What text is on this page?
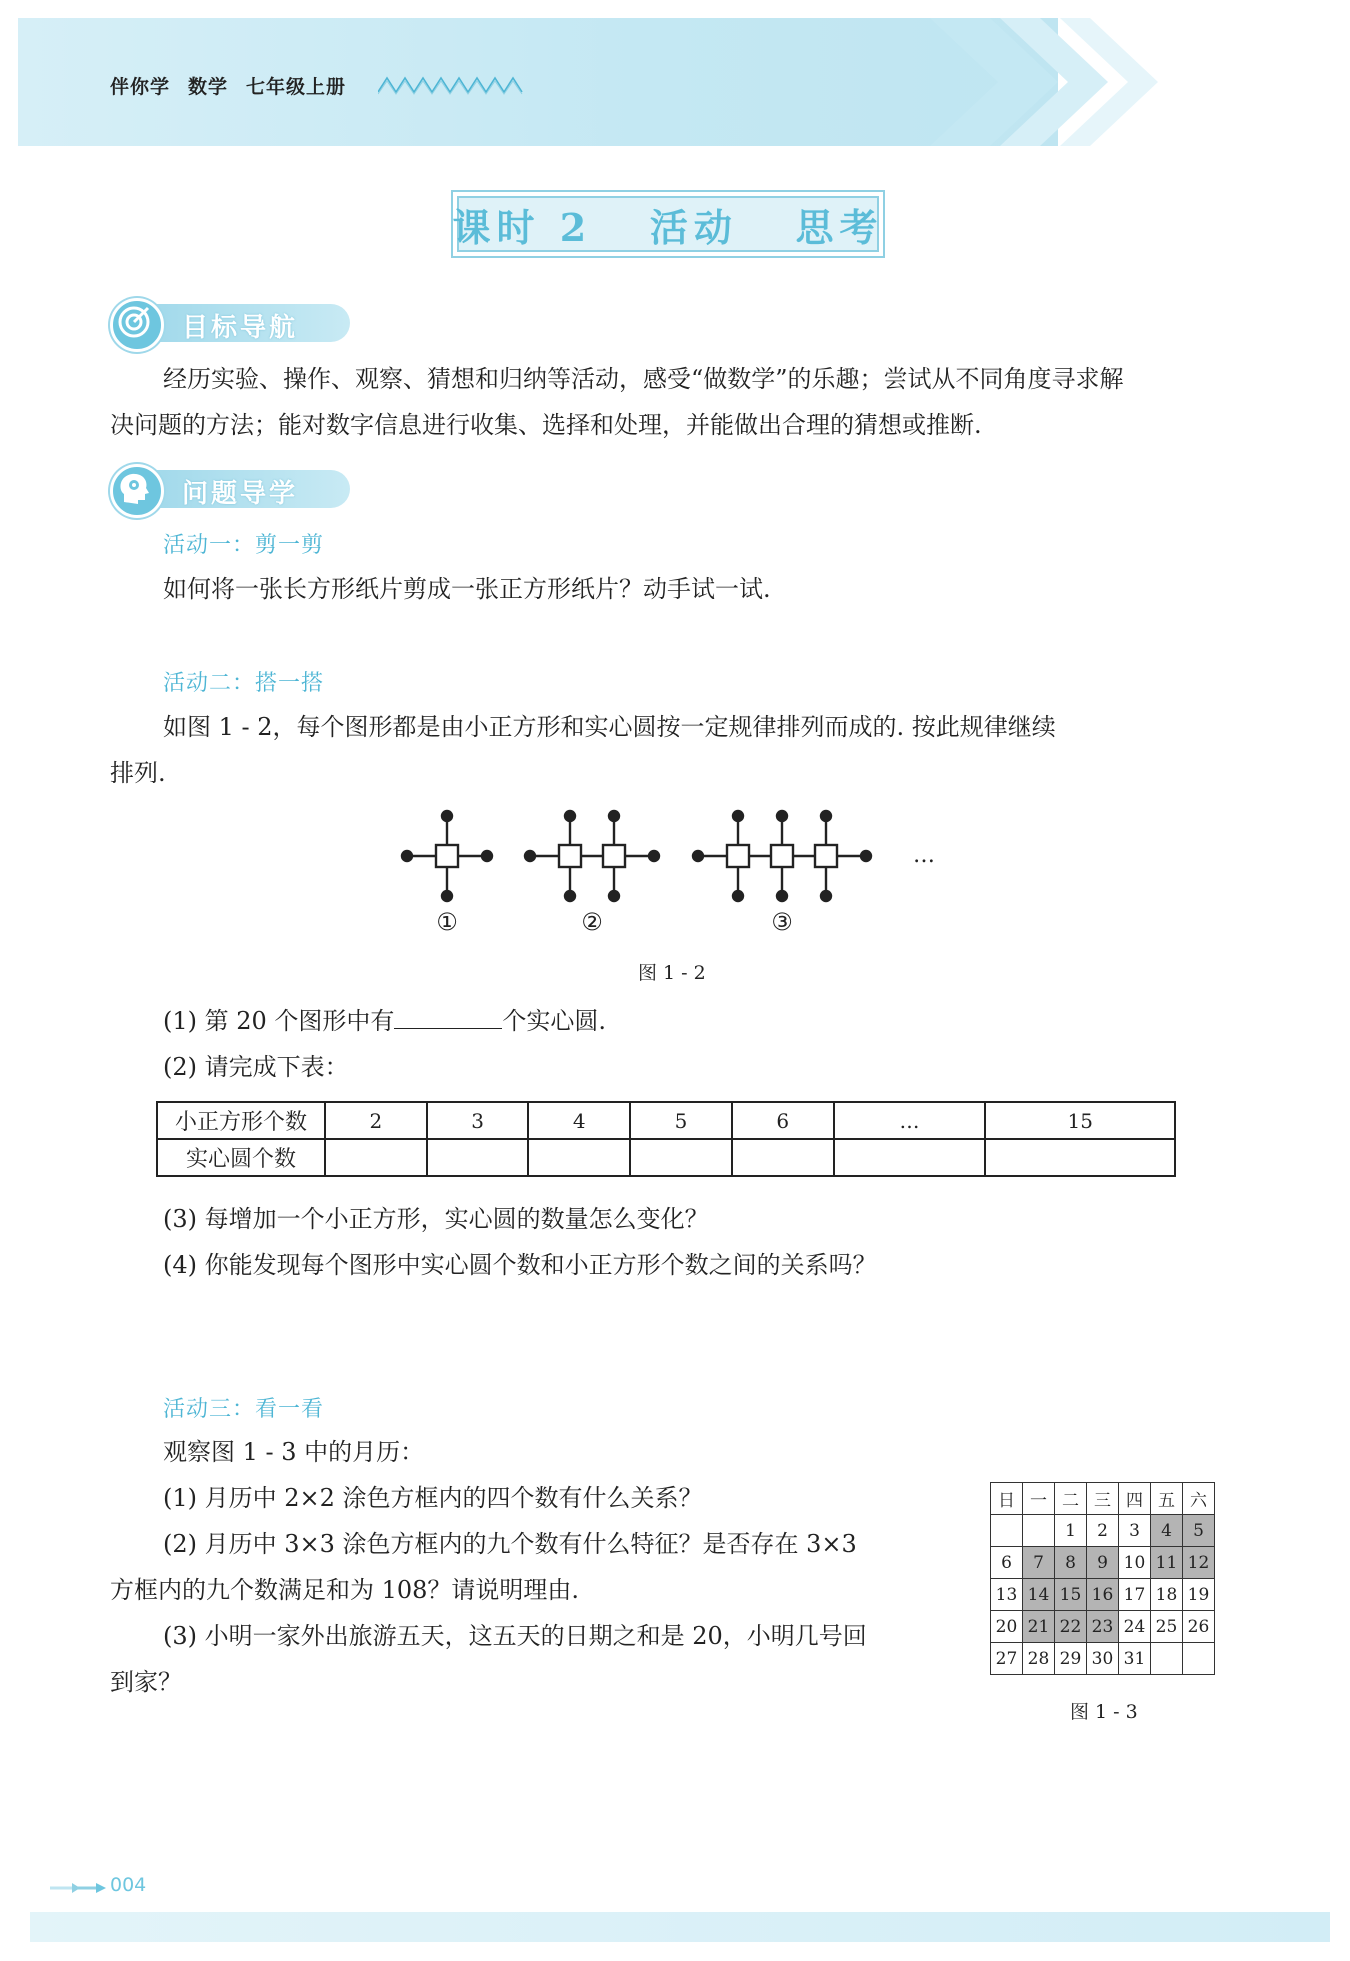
伴你学 数学 七年级上册
课时 2   活动   思考
目标导航
经历实验、操作、观察、猜想和归纳等活动，感受“做数学”的乐趣；尝试从不同角度寻求解
决问题的方法；能对数字信息进行收集、选择和处理，并能做出合理的猜想或推断.
问题导学
活动一：剪一剪
如何将一张长方形纸片剪成一张正方形纸片？动手试一试.
活动二：搭一搭
如图 1 - 2，每个图形都是由小正方形和实心圆按一定规律排列而成的. 按此规律继续
排列.
…
①	②	③
图 1 - 2
(1) 第 20 个图形中有	个实心圆.
(2) 请完成下表：
小正方形个数	2	3	4	5	6	…	15
实心圆个数							
(3) 每增加一个小正方形，实心圆的数量怎么变化？
(4) 你能发现每个图形中实心圆个数和小正方形个数之间的关系吗？
活动三：看一看
观察图 1 - 3 中的月历：
(1) 月历中 2×2 涂色方框内的四个数有什么关系？
(2) 月历中 3×3 涂色方框内的九个数有什么特征？是否存在 3×3
方框内的九个数满足和为 108？请说明理由.
(3) 小明一家外出旅游五天，这五天的日期之和是 20，小明几号回
到家？
日	一	二	三	四	五	六
		1	2	3	4	5
6	7	8	9	10	11	12
13	14	15	16	17	18	19
20	21	22	23	24	25	26
27	28	29	30	31		
图 1 - 3
004
